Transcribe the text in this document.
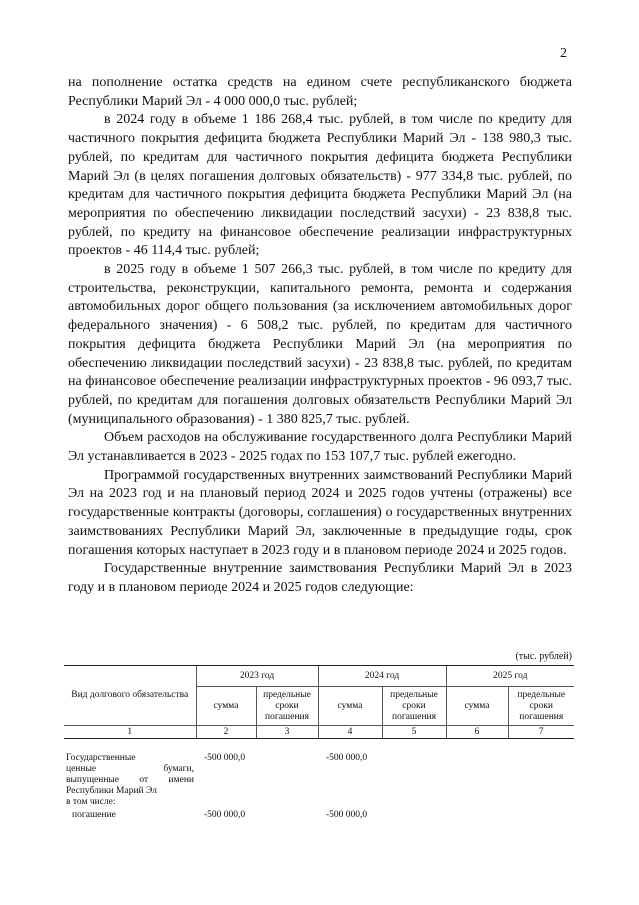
2

на пополнение остатка средств на едином счете республиканского бюджета Республики Марий Эл - 4 000 000,0 тыс. рублей;

в 2024 году в объеме 1 186 268,4 тыс. рублей, в том числе по кредиту для частичного покрытия дефицита бюджета Республики Марий Эл - 138 980,3 тыс. рублей, по кредитам для частичного покрытия дефицита бюджета Республики Марий Эл (в целях погашения долговых обязательств) - 977 334,8 тыс. рублей, по кредитам для частичного покрытия дефицита бюджета Республики Марий Эл (на мероприятия по обеспечению ликвидации последствий засухи) - 23 838,8 тыс. рублей, по кредиту на финансовое обеспечение реализации инфраструктурных проектов - 46 114,4 тыс. рублей;

в 2025 году в объеме 1 507 266,3 тыс. рублей, в том числе по кредиту для строительства, реконструкции, капитального ремонта, ремонта и содержания автомобильных дорог общего пользования (за исключением автомобильных дорог федерального значения) - 6 508,2 тыс. рублей, по кредитам для частичного покрытия дефицита бюджета Республики Марий Эл (на мероприятия по обеспечению ликвидации последствий засухи) - 23 838,8 тыс. рублей, по кредитам на финансовое обеспечение реализации инфраструктурных проектов - 96 093,7 тыс. рублей, по кредитам для погашения долговых обязательств Республики Марий Эл (муниципального образования) - 1 380 825,7 тыс. рублей.

Объем расходов на обслуживание государственного долга Республики Марий Эл устанавливается в 2023 - 2025 годах по 153 107,7 тыс. рублей ежегодно.

Программой государственных внутренних заимствований Республики Марий Эл на 2023 год и на плановый период 2024 и 2025 годов учтены (отражены) все государственные контракты (договоры, соглашения) о государственных внутренних заимствованиях Республики Марий Эл, заключенные в предыдущие годы, срок погашения которых наступает в 2023 году и в плановом периоде 2024 и 2025 годов.

Государственные внутренние заимствования Республики Марий Эл в 2023 году и в плановом периоде 2024 и 2025 годов следующие:

(тыс. рублей)
Вид долгового обязательства	2023 год		2024 год		2025 год	
	сумма	предельные сроки погашения	сумма	предельные сроки погашения	сумма	предельные сроки погашения
1	2	3	4	5	6	7

Государственные
ценные бумаги,
выпущенные от имени
Республики Марий Эл
в том числе:	-500 000,0		-500 000,0			
погашение	-500 000,0		-500 000,0			
